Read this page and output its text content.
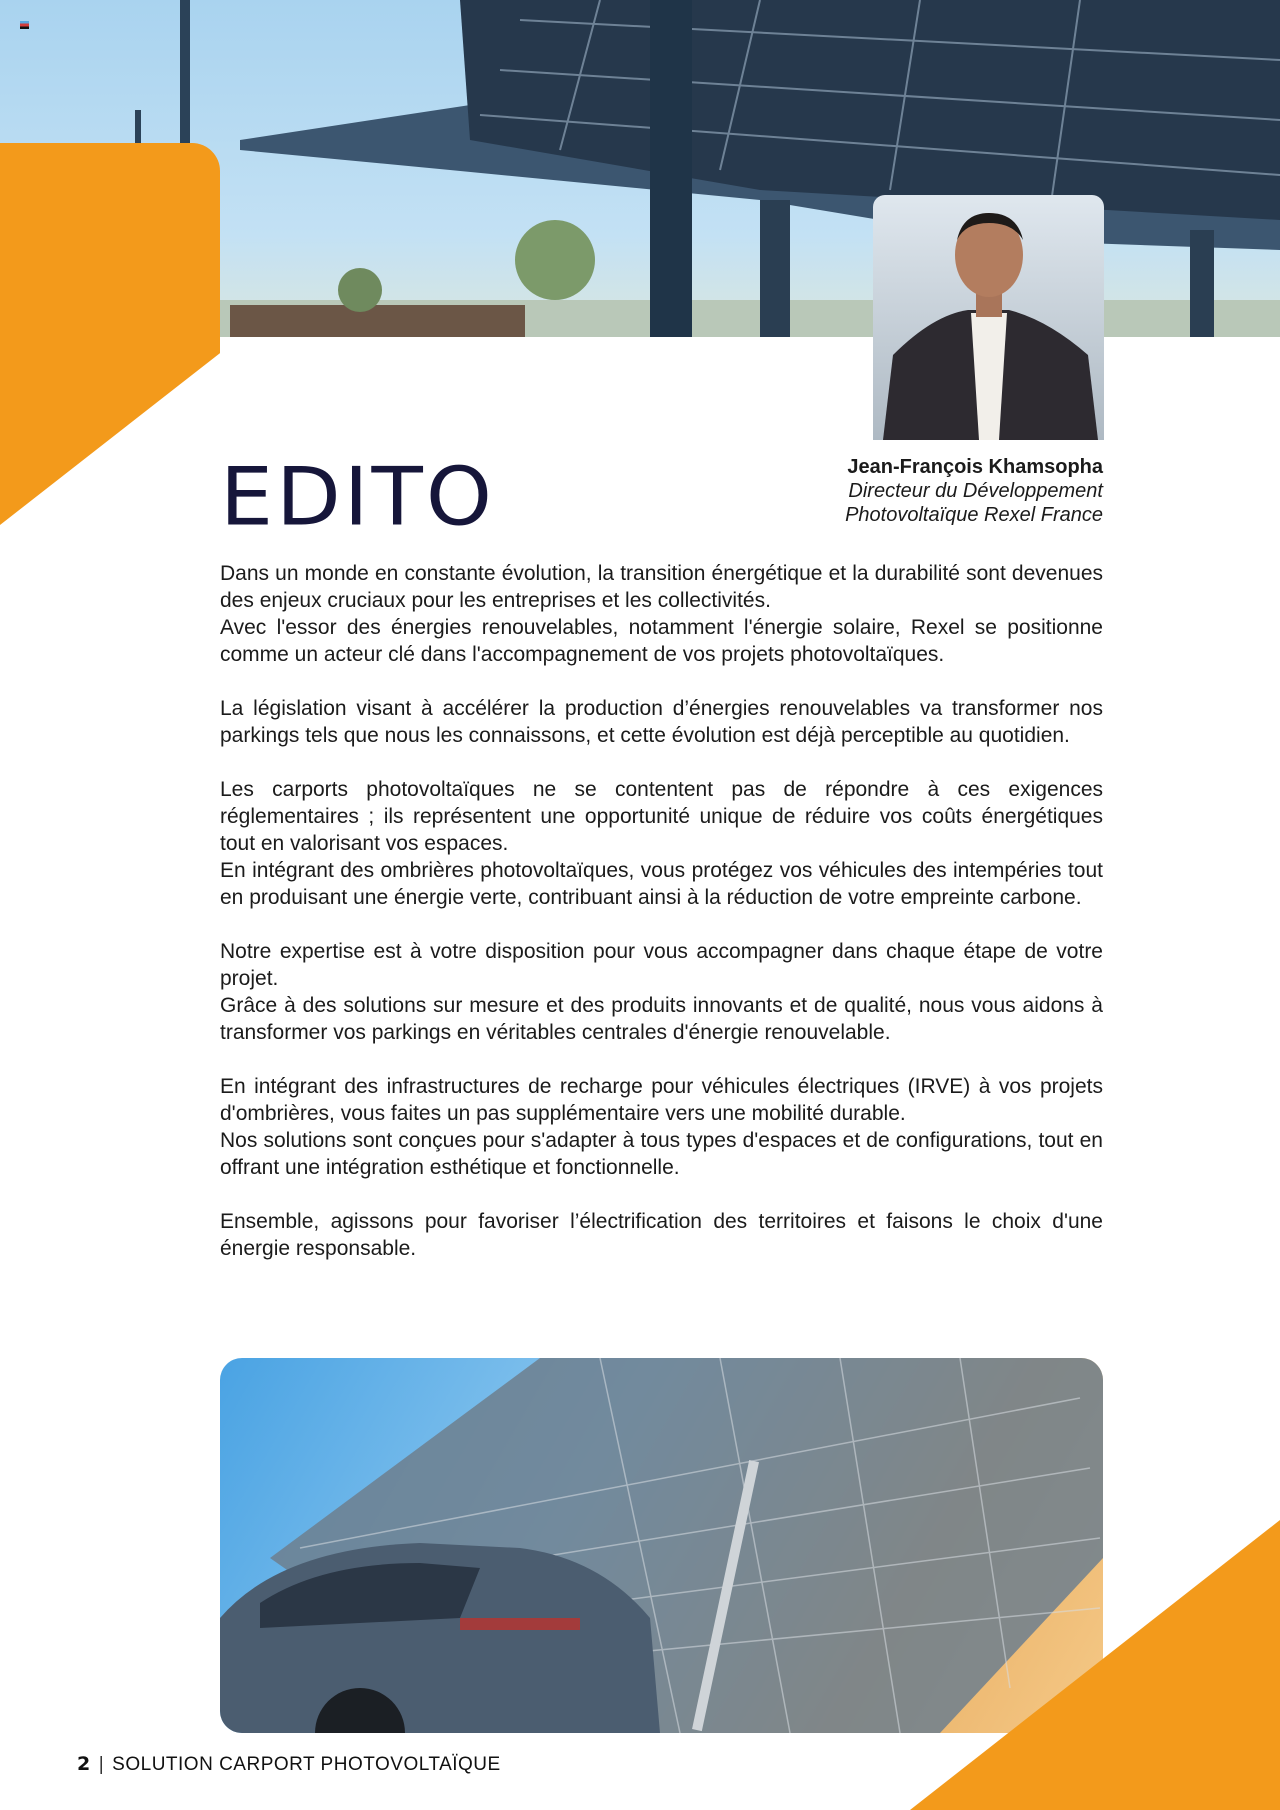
EDITO	Jean-François Khamsopha
Directeur du Développement
Photovoltaïque Rexel France

Dans un monde en constante évolution, la transition énergétique et la durabilité sont devenues des enjeux cruciaux pour les entreprises et les collectivités.
Avec l'essor des énergies renouvelables, notamment l'énergie solaire, Rexel se positionne comme un acteur clé dans l'accompagnement de vos projets photovoltaïques.

La législation visant à accélérer la production d’énergies renouvelables va transformer nos parkings tels que nous les connaissons, et cette évolution est déjà perceptible au quotidien.

Les carports photovoltaïques ne se contentent pas de répondre à ces exigences réglementaires ; ils représentent une opportunité unique de réduire vos coûts énergétiques tout en valorisant vos espaces.
En intégrant des ombrières photovoltaïques, vous protégez vos véhicules des intempéries tout en produisant une énergie verte, contribuant ainsi à la réduction de votre empreinte carbone.

Notre expertise est à votre disposition pour vous accompagner dans chaque étape de votre projet.
Grâce à des solutions sur mesure et des produits innovants et de qualité, nous vous aidons à transformer vos parkings en véritables centrales d'énergie renouvelable.

En intégrant des infrastructures de recharge pour véhicules électriques (IRVE) à vos projets d'ombrières, vous faites un pas supplémentaire vers une mobilité durable.
Nos solutions sont conçues pour s'adapter à tous types d'espaces et de configurations, tout en offrant une intégration esthétique et fonctionnelle.

Ensemble, agissons pour favoriser l’électrification des territoires et faisons le choix d'une énergie responsable.

2 | SOLUTION CARPORT PHOTOVOLTAÏQUE
